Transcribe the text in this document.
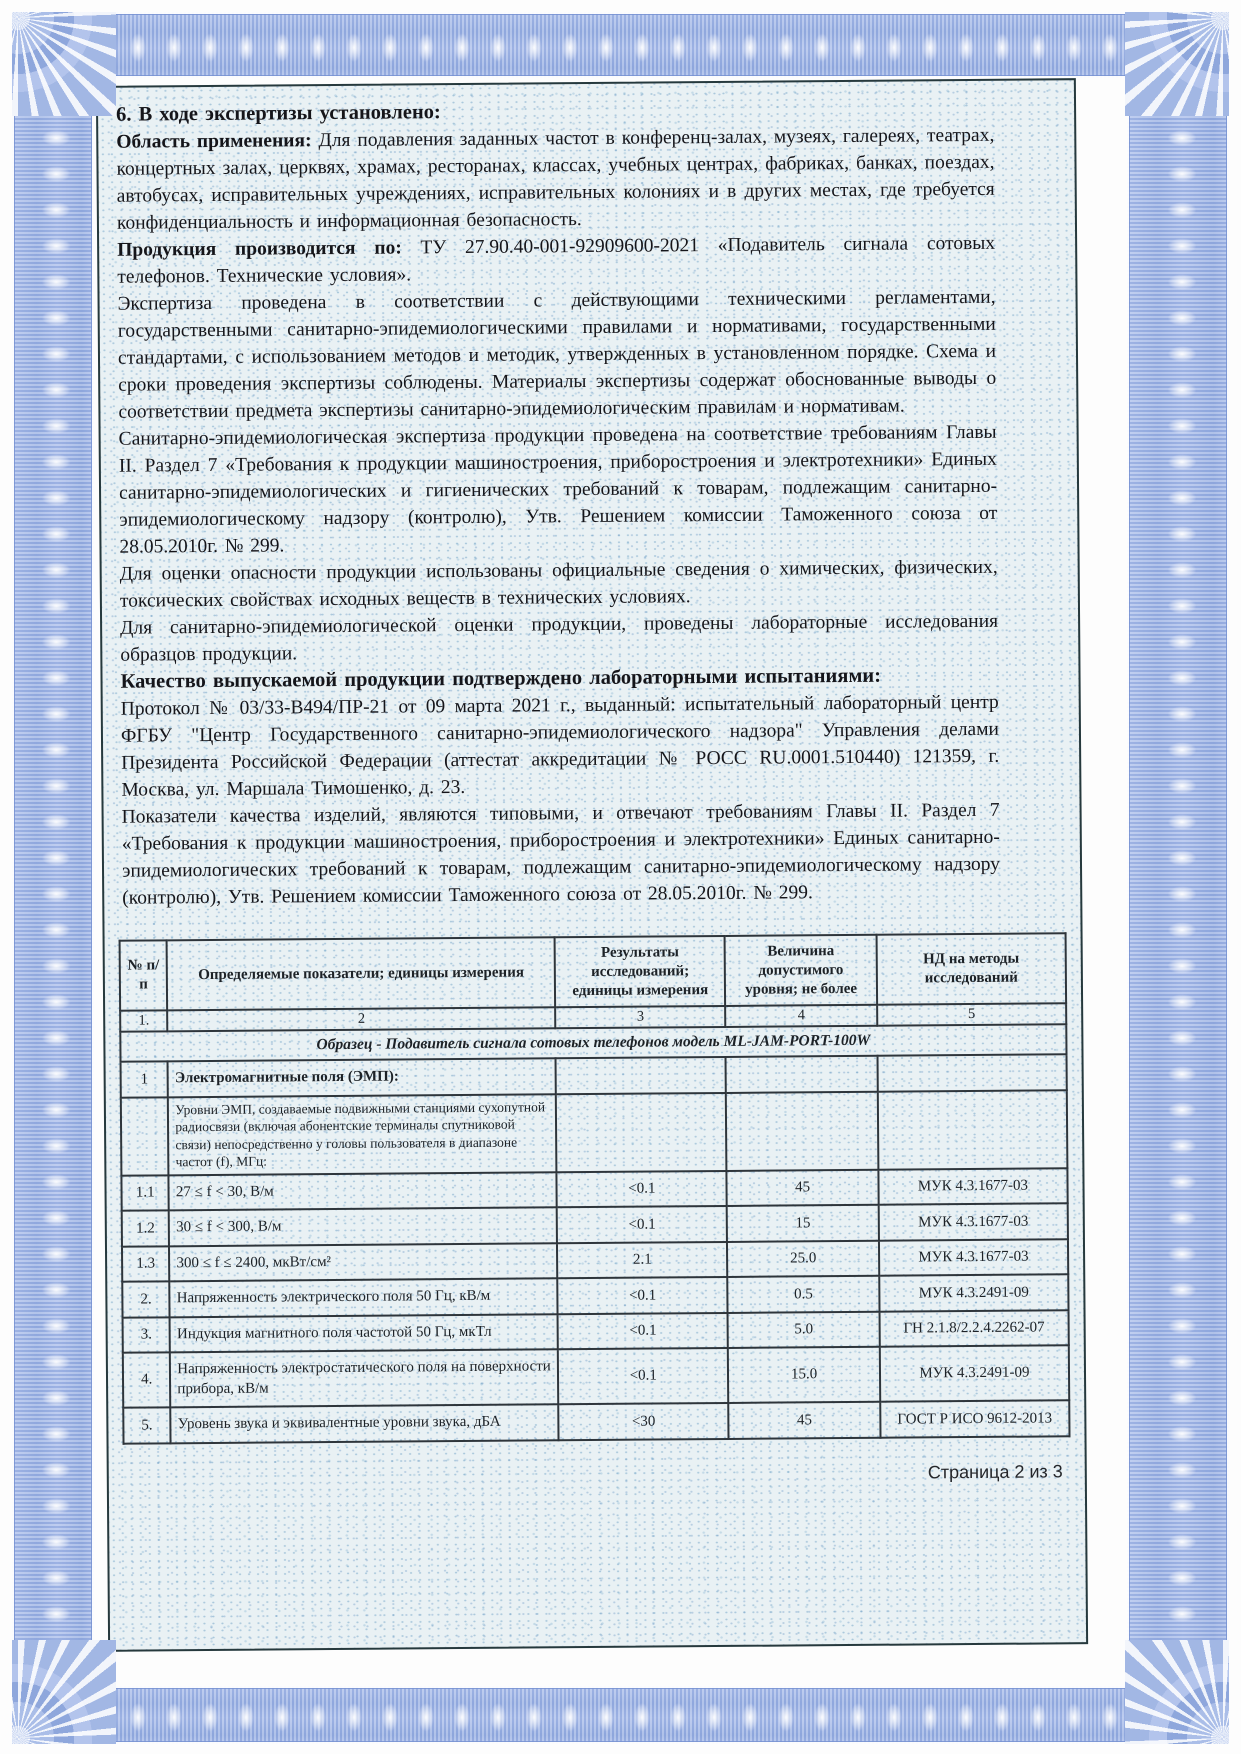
6. В ходе экспертизы установлено:

Область применения: Для подавления заданных частот в конференц-залах, музеях, галереях, театрах, концертных залах, церквях, храмах, ресторанах, классах, учебных центрах, фабриках, банках, поездах, автобусах, исправительных учреждениях, исправительных колониях и в других местах, где требуется конфиденциальность и информационная безопасность.

Продукция производится по: ТУ 27.90.40-001-92909600-2021 «Подавитель сигнала сотовых телефонов. Технические условия».

Экспертиза проведена в соответствии с действующими техническими регламентами, государственными санитарно-эпидемиологическими правилами и нормативами, государственными стандартами, с использованием методов и методик, утвержденных в установленном порядке. Схема и сроки проведения экспертизы соблюдены. Материалы экспертизы содержат обоснованные выводы о соответствии предмета экспертизы санитарно-эпидемиологическим правилам и нормативам.

Санитарно-эпидемиологическая экспертиза продукции проведена на соответствие требованиям Главы II. Раздел 7 «Требования к продукции машиностроения, приборостроения и электротехники» Единых санитарно-эпидемиологических и гигиенических требований к товарам, подлежащим санитарно-эпидемиологическому надзору (контролю), Утв. Решением комиссии Таможенного союза от 28.05.2010г. № 299.

Для оценки опасности продукции использованы официальные сведения о химических, физических, токсических свойствах исходных веществ в технических условиях.

Для санитарно-эпидемиологической оценки продукции, проведены лабораторные исследования образцов продукции.

Качество выпускаемой продукции подтверждено лабораторными испытаниями:

Протокол № 03/33-В494/ПР-21 от 09 марта 2021 г., выданный: испытательный лабораторный центр ФГБУ "Центр Государственного санитарно-эпидемиологического надзора" Управления делами Президента Российской Федерации (аттестат аккредитации № РОСС RU.0001.510440) 121359, г. Москва, ул. Маршала Тимошенко, д. 23.

Показатели качества изделий, являются типовыми, и отвечают требованиям Главы II. Раздел 7 «Требования к продукции машиностроения, приборостроения и электротехники» Единых санитарно-эпидемиологических требований к товарам, подлежащим санитарно-эпидемиологическому надзору (контролю), Утв. Решением комиссии Таможенного союза от 28.05.2010г. № 299.

№ п/п	Определяемые показатели; единицы измерения	Результаты исследований; единицы измерения	Величина допустимого уровня; не более	НД на методы исследований
1.	2	3	4	5
Образец - Подавитель сигнала сотовых телефонов модель ML-JAM-PORT-100W				
1	Электромагнитные поля (ЭМП):			
	Уровни ЭМП, создаваемые подвижными станциями сухопутной радиосвязи (включая абонентские терминалы спутниковой связи) непосредственно у головы пользователя в диапазоне частот (f), МГц:			
1.1	27 ≤ f < 30, В/м	<0.1	45	МУК 4.3.1677-03
1.2	30 ≤ f < 300, В/м	<0.1	15	МУК 4.3.1677-03
1.3	300 ≤ f ≤ 2400, мкВт/см²	2.1	25.0	МУК 4.3.1677-03
2.	Напряженность электрического поля 50 Гц, кВ/м	<0.1	0.5	МУК 4.3.2491-09
3.	Индукция магнитного поля частотой 50 Гц, мкТл	<0.1	5.0	ГН 2.1.8/2.2.4.2262-07
4.	Напряженность электростатического поля на поверхности прибора, кВ/м	<0.1	15.0	МУК 4.3.2491-09
5.	Уровень звука и эквивалентные уровни звука, дБА	<30	45	ГОСТ Р ИСО 9612-2013
Страница 2 из 3
